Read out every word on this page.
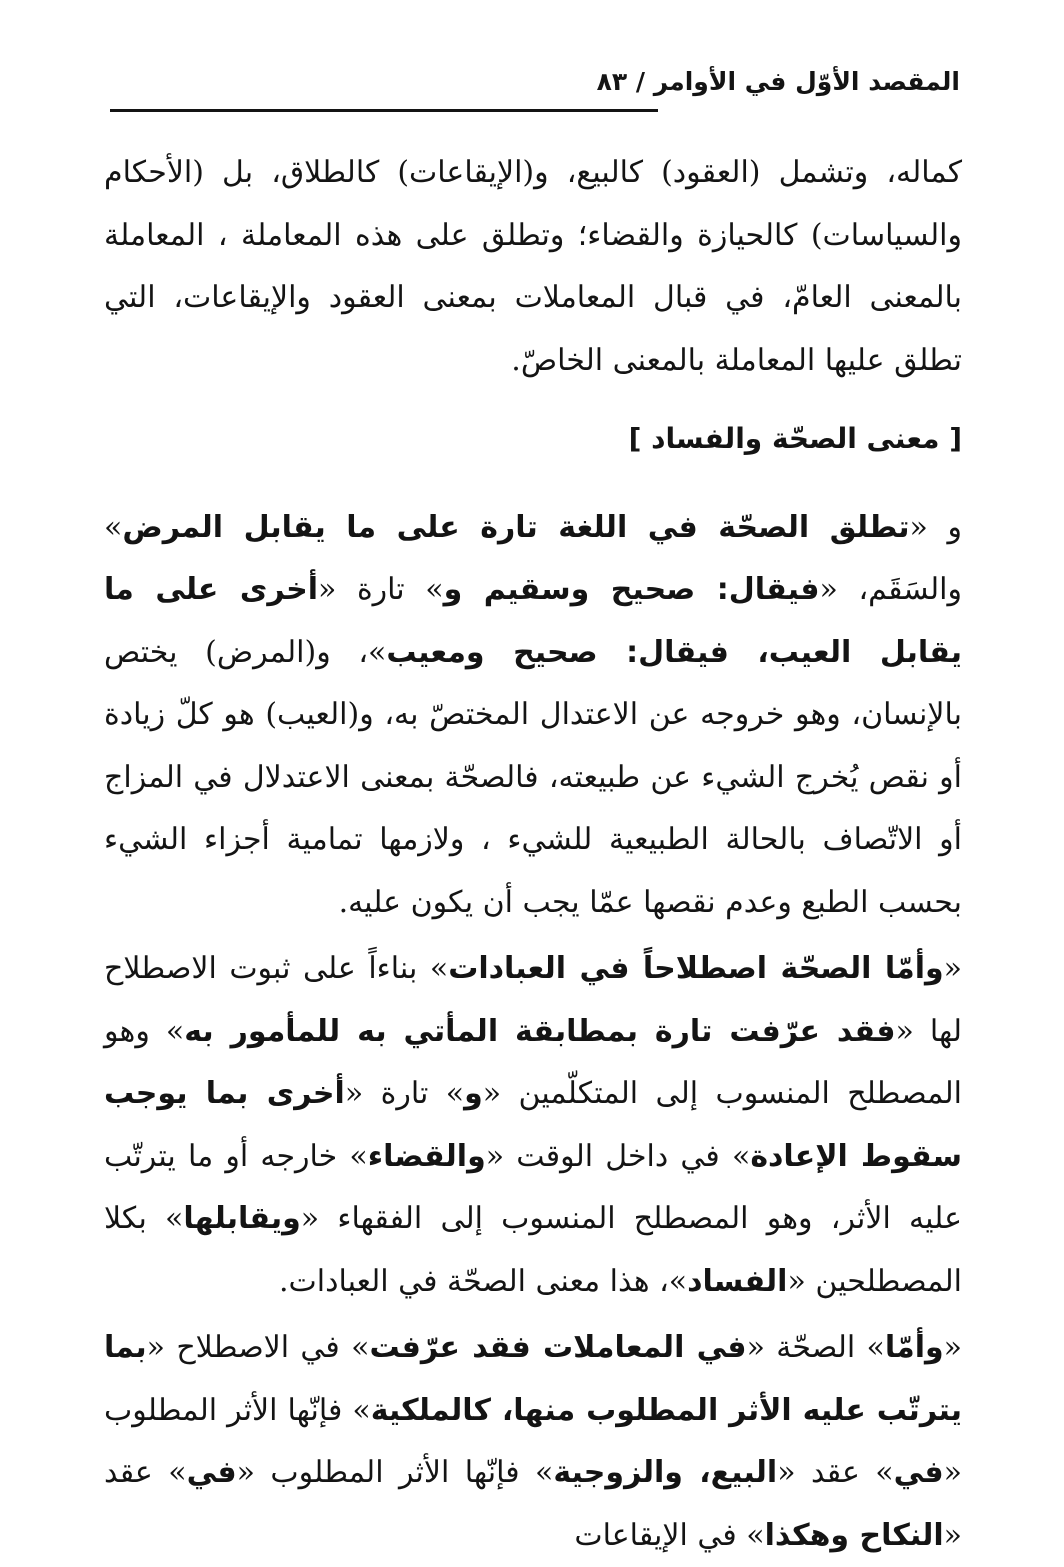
المقصد الأوّل في الأوامر / ٨٣

كماله، وتشمل (العقود) كالبيع، و(الإيقاعات) كالطلاق، بل (الأحكام والسياسات) كالحيازة والقضاء؛ وتطلق على هذه المعاملة ، المعاملة بالمعنى العامّ، في قبال المعاملات بمعنى العقود والإيقاعات، التي تطلق عليها المعاملة بالمعنى الخاصّ.

[ معنى الصحّة والفساد ]

و «تطلق الصحّة في اللغة تارة على ما يقابل المرض» والسَقَم، «فيقال: صحيح وسقيم و» تارة «أخرى على ما يقابل العيب، فيقال: صحيح ومعيب»، و(المرض) يختص بالإنسان، وهو خروجه عن الاعتدال المختصّ به، و(العيب) هو كلّ زيادة أو نقص يُخرج الشيء عن طبيعته، فالصحّة بمعنى الاعتدلال في المزاج أو الاتّصاف بالحالة الطبيعية للشيء ، ولازمها تمامية أجزاء الشيء بحسب الطبع وعدم نقصها عمّا يجب أن يكون عليه.

«وأمّا الصحّة اصطلاحاً في العبادات» بناءاً على ثبوت الاصطلاح لها «فقد عرّفت تارة بمطابقة المأتي به للمأمور به» وهو المصطلح المنسوب إلى المتكلّمين «و» تارة «أخرى بما يوجب سقوط الإعادة» في داخل الوقت «والقضاء» خارجه أو ما يترتّب عليه الأثر، وهو المصطلح المنسوب إلى الفقهاء «ويقابلها» بكلا المصطلحين «الفساد»، هذا معنى الصحّة في العبادات.

«وأمّا» الصحّة «في المعاملات فقد عرّفت» في الاصطلاح «بما يترتّب عليه الأثر المطلوب منها، كالملكية» فإنّها الأثر المطلوب «في» عقد «البيع، والزوجية» فإنّها الأثر المطلوب «في» عقد «النكاح وهكذا» في الإيقاعات
